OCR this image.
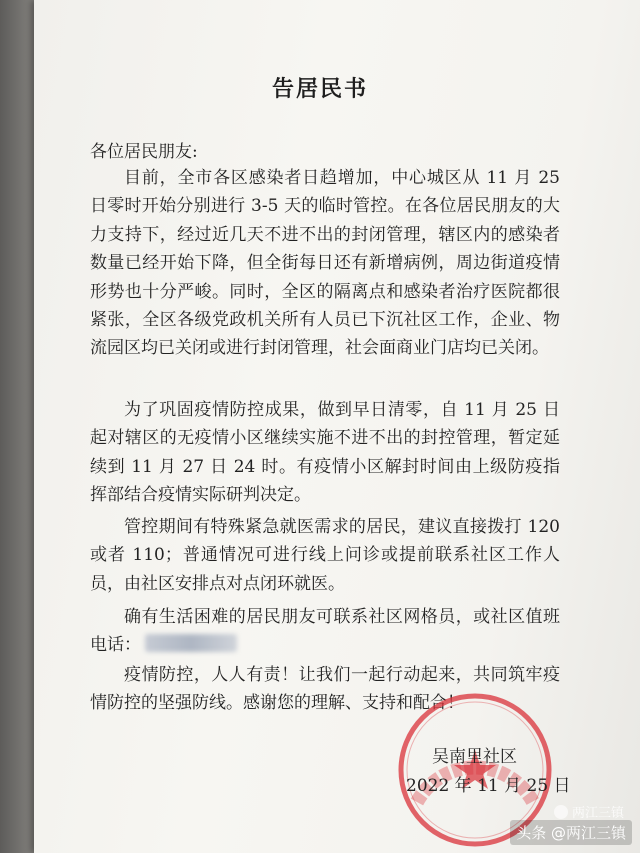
告居民书
各位居民朋友:
目前，全市各区感染者日趋增加，中心城区从 11 月 25 日零时开始分别进行 3-5 天的临时管控。在各位居民朋友的大力支持下，经过近几天不进不出的封闭管理，辖区内的感染者数量已经开始下降，但全街每日还有新增病例，周边街道疫情形势也十分严峻。同时，全区的隔离点和感染者治疗医院都很紧张，全区各级党政机关所有人员已下沉社区工作，企业、物流园区均已关闭或进行封闭管理，社会面商业门店均已关闭。
为了巩固疫情防控成果，做到早日清零，自 11 月 25 日起对辖区的无疫情小区继续实施不进不出的封控管理，暂定延续到 11 月 27 日 24 时。有疫情小区解封时间由上级防疫指挥部结合疫情实际研判决定。
管控期间有特殊紧急就医需求的居民，建议直接拨打 120 或者 110；普通情况可进行线上问诊或提前联系社区工作人员，由社区安排点对点闭环就医。
确有生活困难的居民朋友可联系社区网格员，或社区值班电话：
疫情防控，人人有责！让我们一起行动起来，共同筑牢疫情防控的坚强防线。感谢您的理解、支持和配合！
吴南里社区
2022 年 11 月 25 日
两江三镇
头条 @两江三镇
